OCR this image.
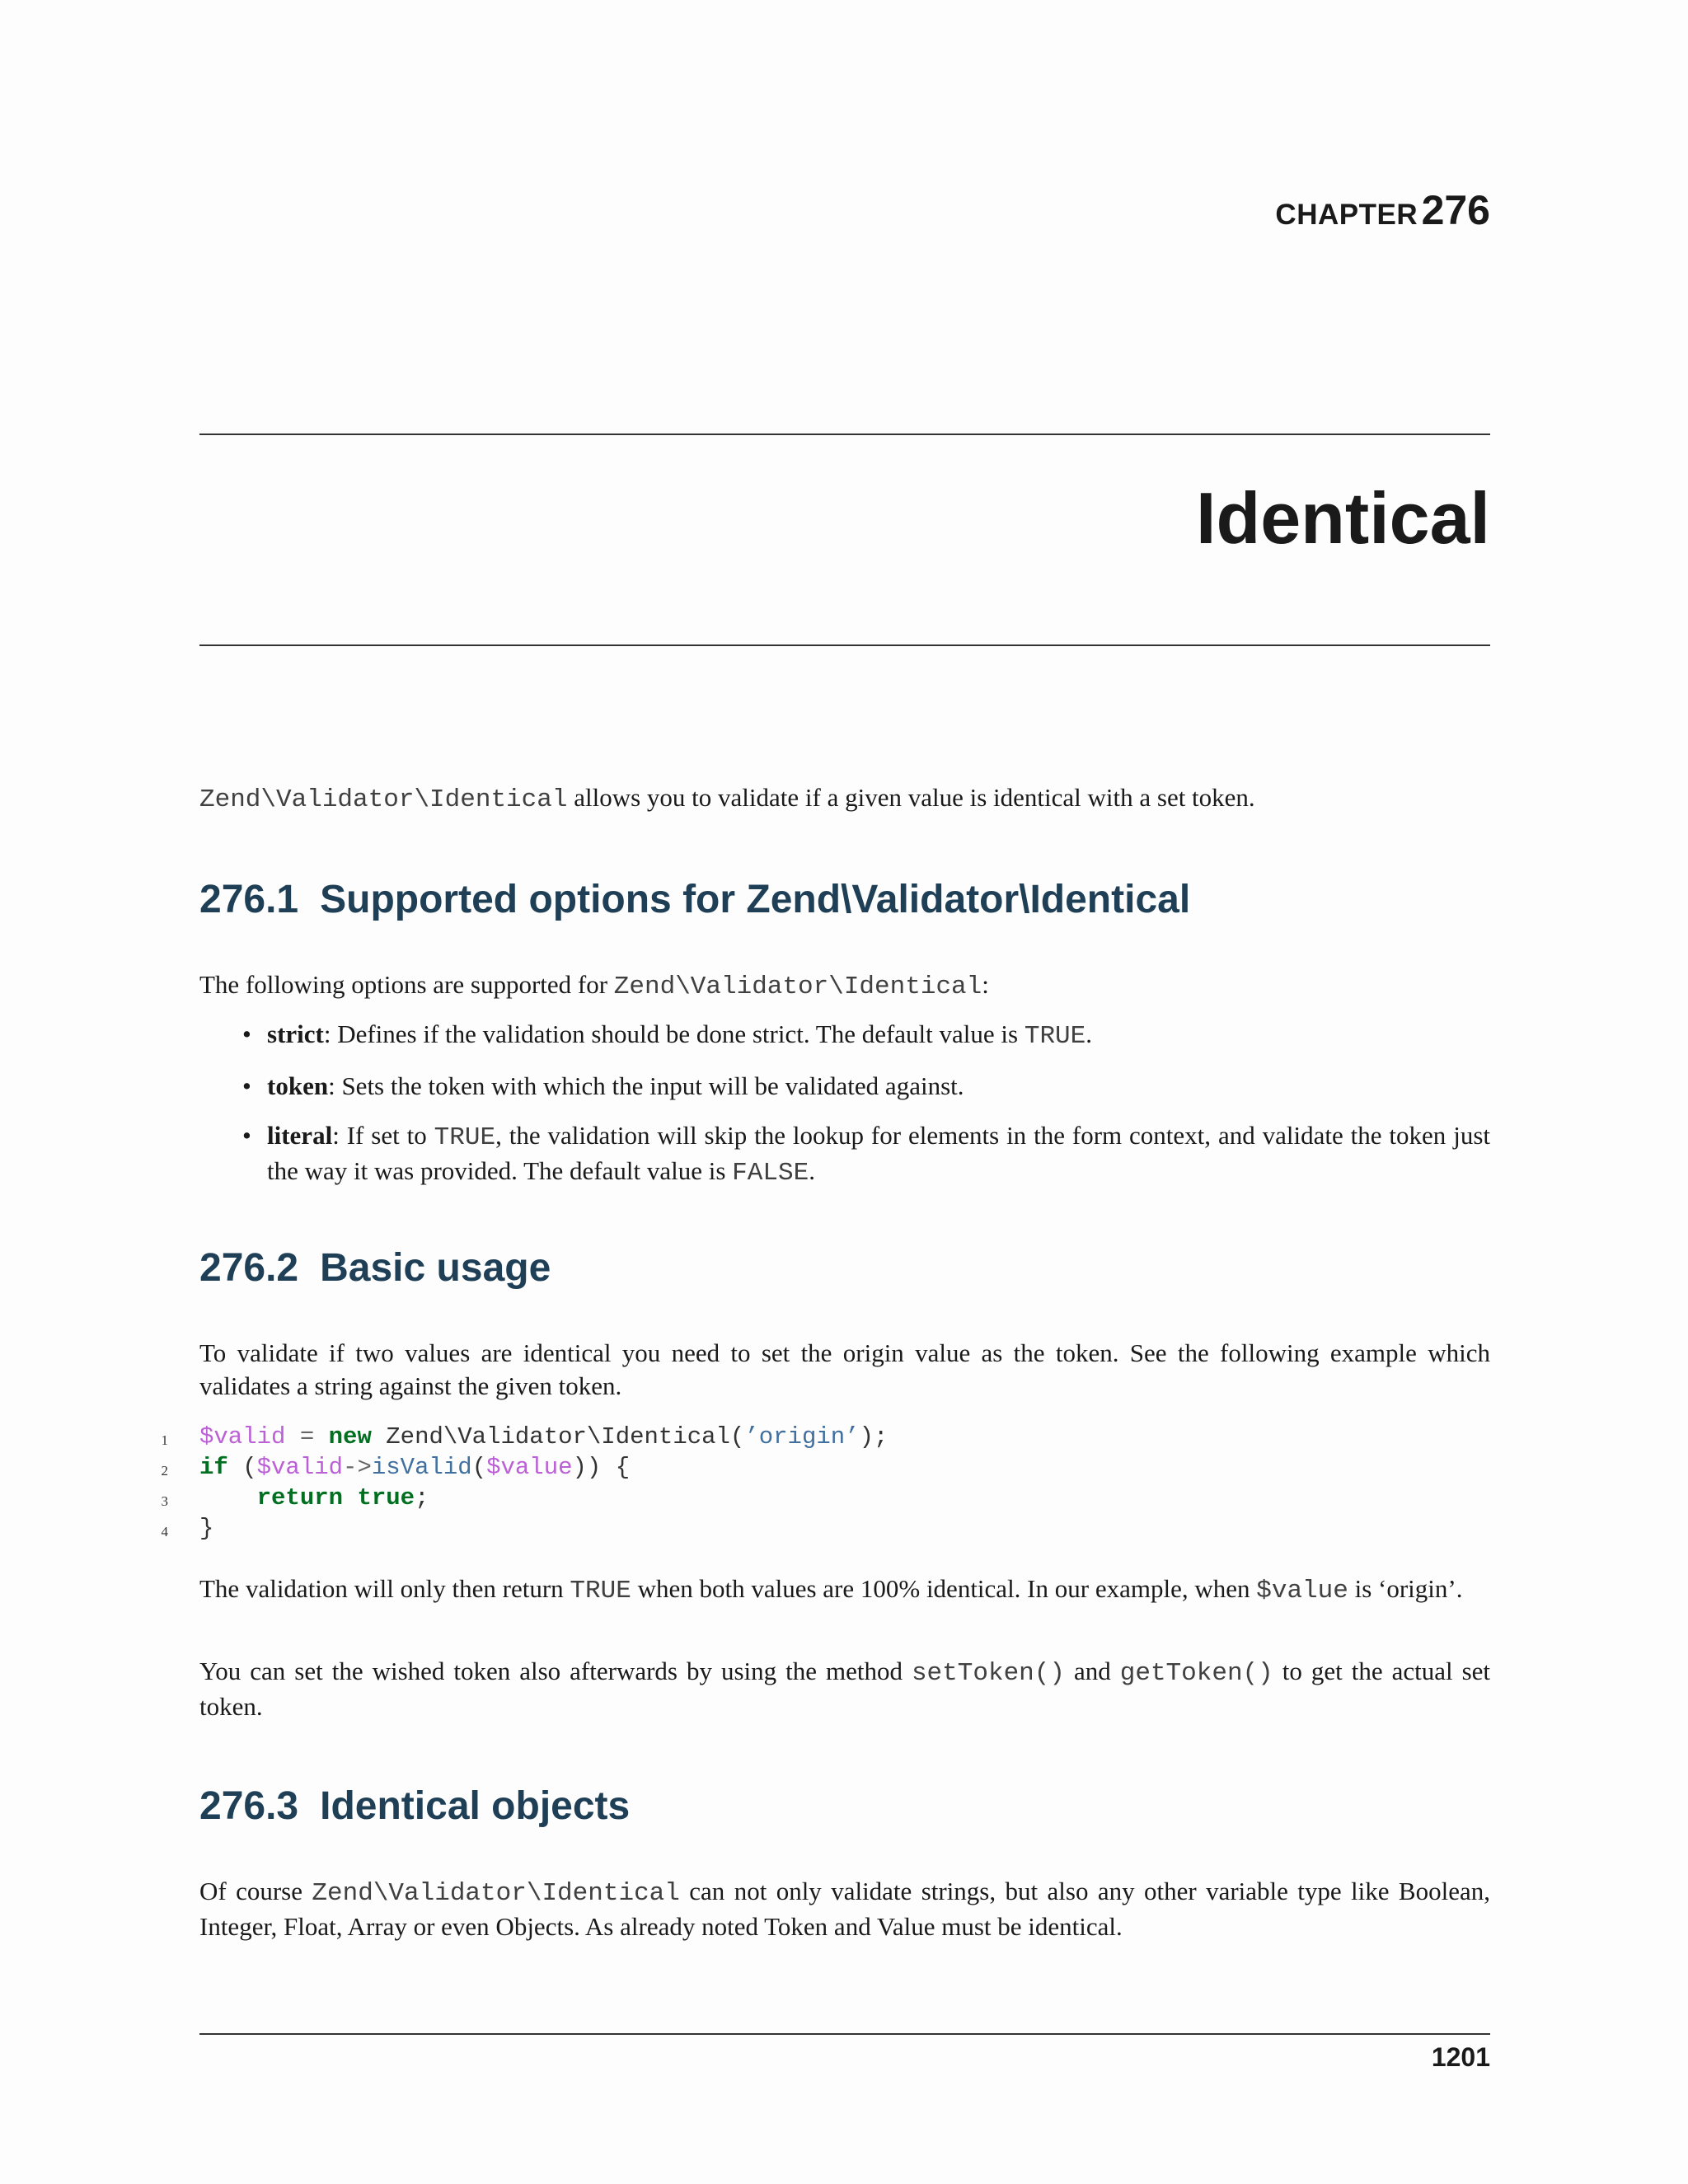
CHAPTER 276
Identical

Zend\Validator\Identical allows you to validate if a given value is identical with a set token.

276.1 Supported options for Zend\Validator\Identical

The following options are supported for Zend\Validator\Identical:

• strict: Defines if the validation should be done strict. The default value is TRUE.
• token: Sets the token with which the input will be validated against.
• literal: If set to TRUE, the validation will skip the lookup for elements in the form context, and validate the token just the way it was provided. The default value is FALSE.
276.2 Basic usage

To validate if two values are identical you need to set the origin value as the token. See the following example which validates a string against the given token.

1 $valid = new Zend\Validator\Identical(’origin’);
2 if ($valid->isValid($value)) {
3	return true;
4 }

The validation will only then return TRUE when both values are 100% identical. In our example, when $value is ‘origin’.

You can set the wished token also afterwards by using the method setToken() and getToken() to get the actual set token.

276.3 Identical objects

Of course Zend\Validator\Identical can not only validate strings, but also any other variable type like Boolean, Integer, Float, Array or even Objects. As already noted Token and Value must be identical.

1201
